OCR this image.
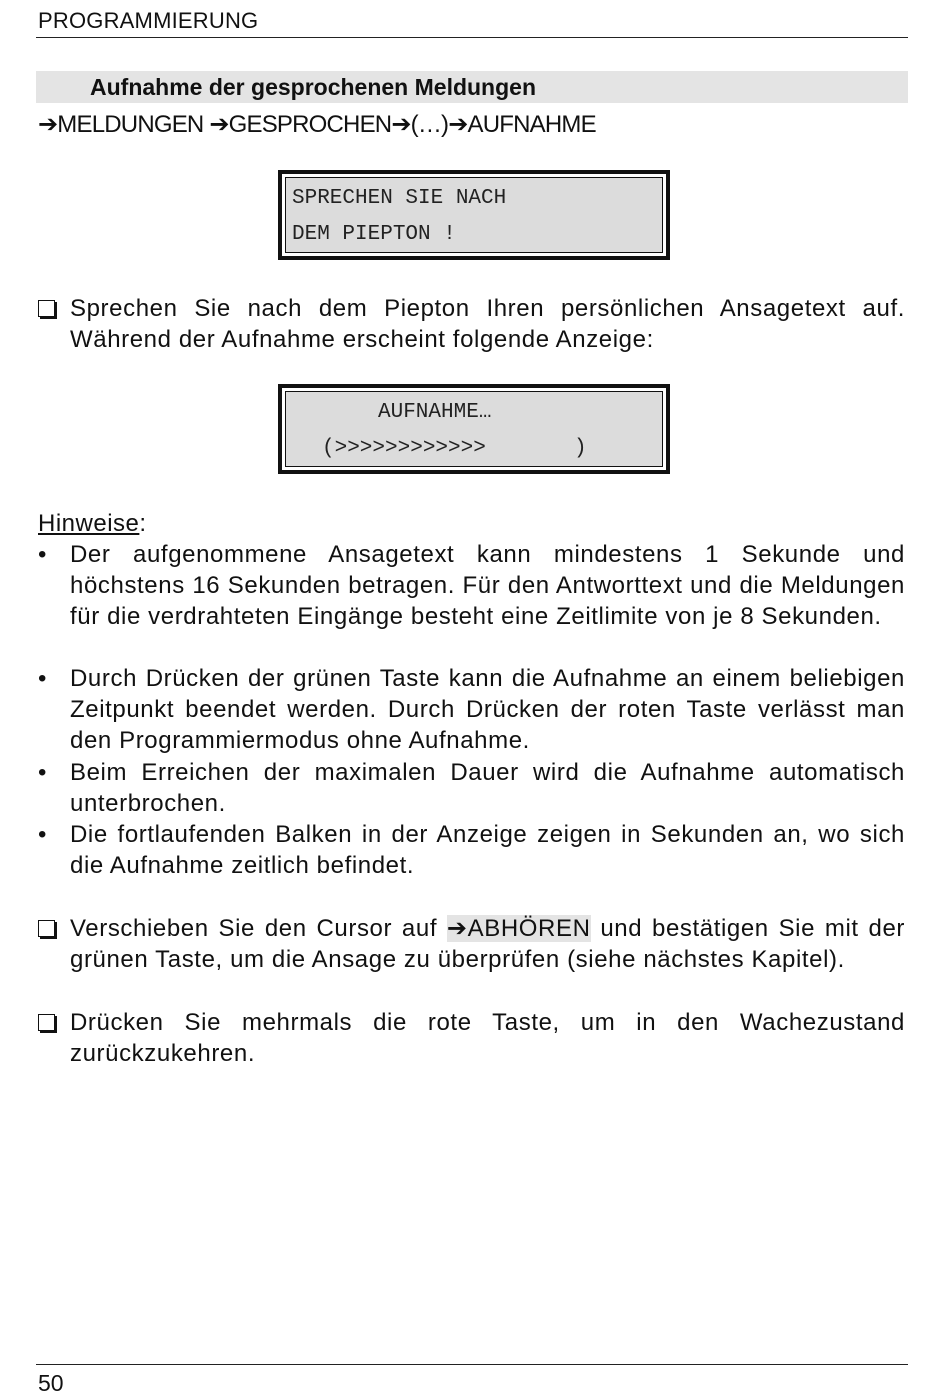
PROGRAMMIERUNG
Aufnahme der gesprochenen Meldungen
➔MELDUNGEN ➔GESPROCHEN➔(…)➔AUFNAHME
SPRECHEN SIE NACH
DEM PIEPTON !
Sprechen Sie nach dem Piepton Ihren persönlichen Ansagetext auf. Während der Aufnahme erscheint folgende Anzeige:
AUFNAHME…
(>>>>>>>>>>>>       )
Hinweise:
• Der aufgenommene Ansagetext kann mindestens 1 Sekunde und höchstens 16 Sekunden betragen. Für den Antworttext und die Meldungen für die verdrahteten Eingänge besteht eine Zeitlimite von je 8 Sekunden.
• Durch Drücken der grünen Taste kann die Aufnahme an einem beliebigen Zeitpunkt beendet werden. Durch Drücken der roten Taste verlässt man den Programmiermodus ohne Aufnahme.
• Beim Erreichen der maximalen Dauer wird die Aufnahme automatisch unterbrochen.
• Die fortlaufenden Balken in der Anzeige zeigen in Sekunden an, wo sich die Aufnahme zeitlich befindet.
Verschieben Sie den Cursor auf ➔ABHÖREN und bestätigen Sie mit der grünen Taste, um die Ansage zu überprüfen (siehe nächstes Kapitel).
Drücken Sie mehrmals die rote Taste, um in den Wachezustand zurückzukehren.
50
